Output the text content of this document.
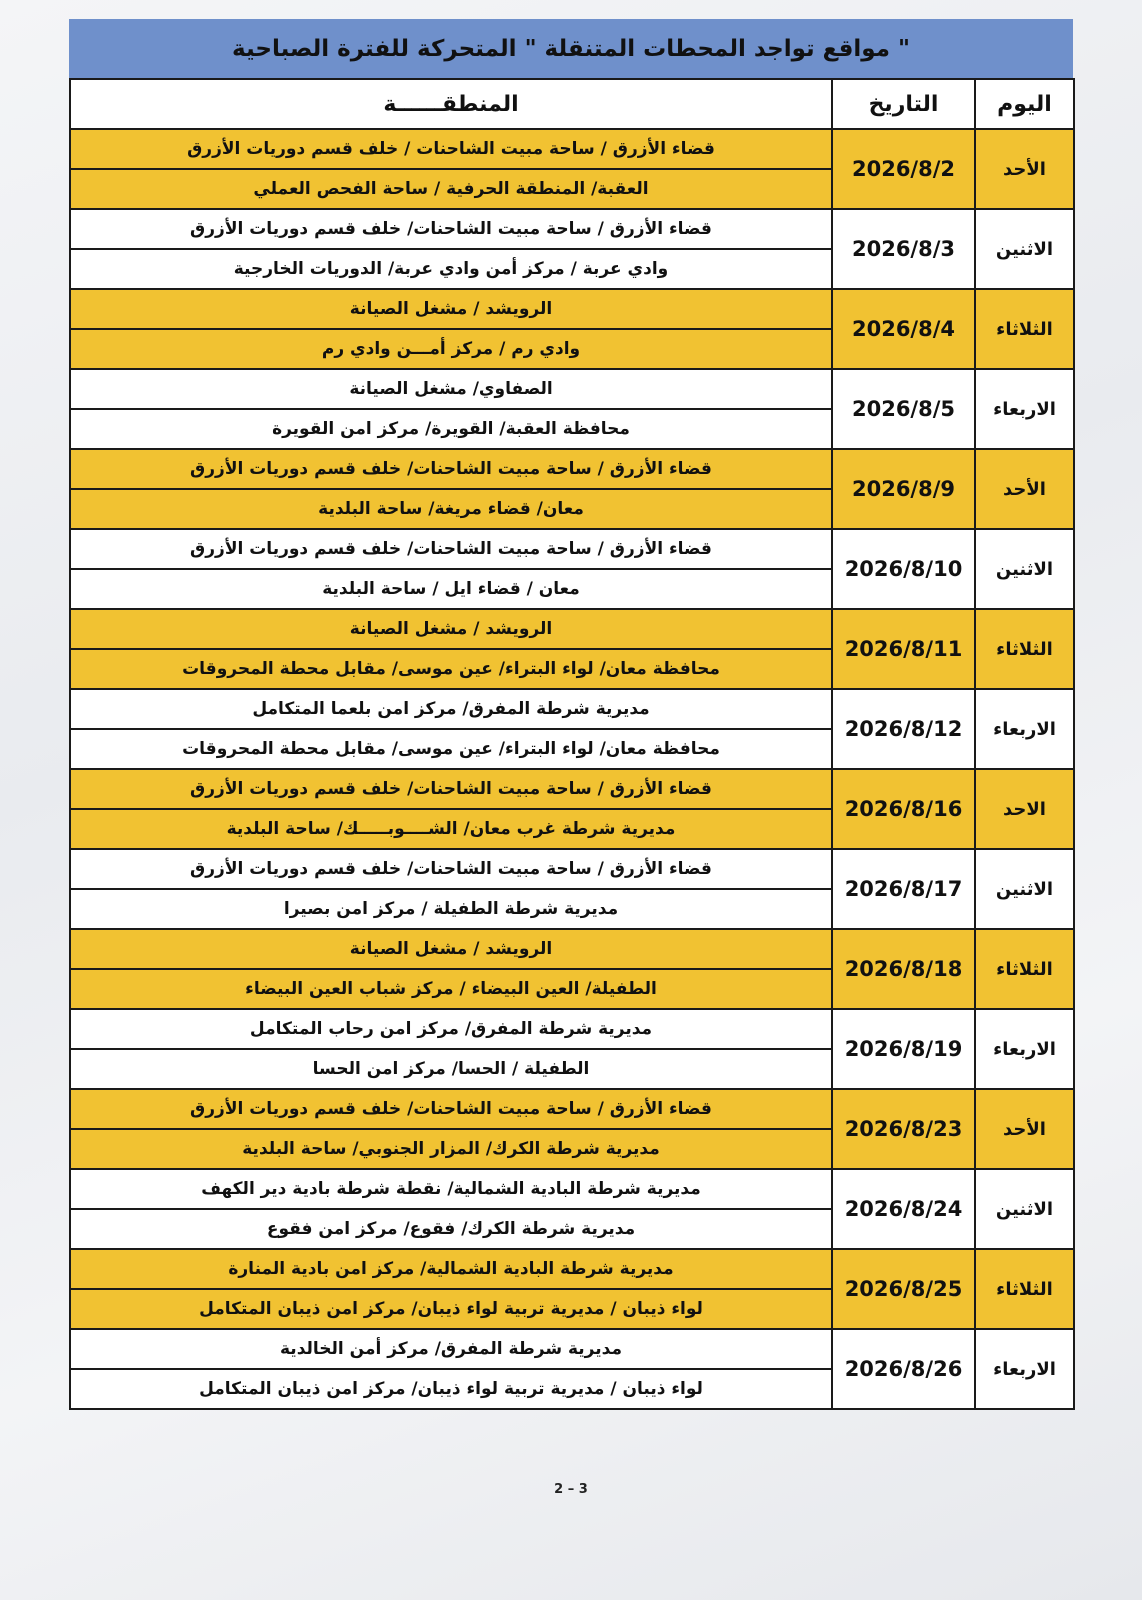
مواقع تواجد المحطات المتنقلة " المتحركة للفترة الصباحية "
اليوم	التاريخ	المنطقــــــة
الأحد	2026/8/2	قضاء الأزرق / ساحة مبيت الشاحنات / خلف قسم دوريات الأزرق
		العقبة/ المنطقة الحرفية / ساحة الفحص العملي
الاثنين	2026/8/3	قضاء الأزرق / ساحة مبيت الشاحنات/ خلف قسم دوريات الأزرق
		وادي عربة / مركز أمن وادي عربة/ الدوريات الخارجية
الثلاثاء	2026/8/4	الرويشد / مشغل الصيانة
		وادي رم / مركز أمـــن وادي رم
الاربعاء	2026/8/5	الصفاوي/ مشغل الصيانة
		محافظة العقبة/ القويرة/ مركز امن القويرة
الأحد	2026/8/9	قضاء الأزرق / ساحة مبيت الشاحنات/ خلف قسم دوريات الأزرق
		معان/ قضاء مريغة/ ساحة البلدية
الاثنين	2026/8/10	قضاء الأزرق / ساحة مبيت الشاحنات/ خلف قسم دوريات الأزرق
		معان / قضاء ايل / ساحة البلدية
الثلاثاء	2026/8/11	الرويشد / مشغل الصيانة
		محافظة معان/ لواء البتراء/ عين موسى/ مقابل محطة المحروقات
الاربعاء	2026/8/12	مديرية شرطة المفرق/ مركز امن بلعما المتكامل
		محافظة معان/ لواء البتراء/ عين موسى/ مقابل محطة المحروقات
الاحد	2026/8/16	قضاء الأزرق / ساحة مبيت الشاحنات/ خلف قسم دوريات الأزرق
		مديرية شرطة غرب معان/ الشــــوبـــــك/ ساحة البلدية
الاثنين	2026/8/17	قضاء الأزرق / ساحة مبيت الشاحنات/ خلف قسم دوريات الأزرق
		مديرية شرطة الطفيلة / مركز امن بصيرا
الثلاثاء	2026/8/18	الرويشد / مشغل الصيانة
		الطفيلة/ العين البيضاء / مركز شباب العين البيضاء
الاربعاء	2026/8/19	مديرية شرطة المفرق/ مركز امن رحاب المتكامل
		الطفيلة / الحسا/ مركز امن الحسا
الأحد	2026/8/23	قضاء الأزرق / ساحة مبيت الشاحنات/ خلف قسم دوريات الأزرق
		مديرية شرطة الكرك/ المزار الجنوبي/ ساحة البلدية
الاثنين	2026/8/24	مديرية شرطة البادية الشمالية/ نقطة شرطة بادية دير الكهف
		مديرية شرطة الكرك/ فقوع/ مركز امن فقوع
الثلاثاء	2026/8/25	مديرية شرطة البادية الشمالية/ مركز امن بادية المنارة
		لواء ذيبان / مديرية تربية لواء ذيبان/ مركز امن ذيبان المتكامل
الاربعاء	2026/8/26	مديرية شرطة المفرق/ مركز أمن الخالدية
		لواء ذيبان / مديرية تربية لواء ذيبان/ مركز امن ذيبان المتكامل
2 – 3
